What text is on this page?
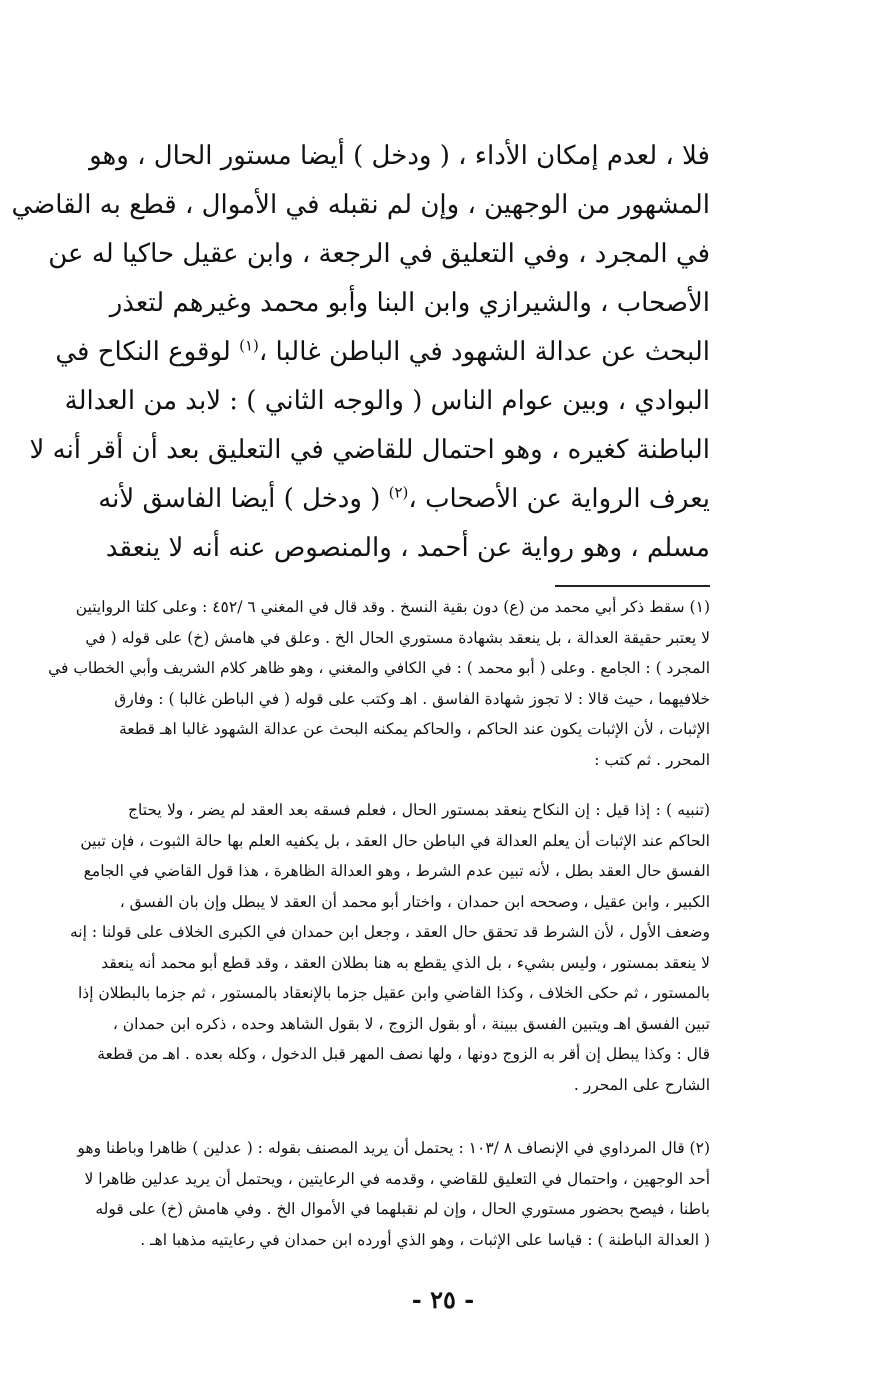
فلا ، لعدم إمكان الأداء ، ( ودخل ) أيضا مستور الحال ، وهو
المشهور من الوجهين ، وإن لم نقبله في الأموال ، قطع به القاضي
في المجرد ، وفي التعليق في الرجعة ، وابن عقيل حاكيا له عن
الأصحاب ، والشيرازي وابن البنا وأبو محمد وغيرهم لتعذر
البحث عن عدالة الشهود في الباطن غالبا ،$^{(١)}$ لوقوع النكاح في
البوادي ، وبين عوام الناس ( والوجه الثاني ) : لابد من العدالة
الباطنة كغيره ، وهو احتمال للقاضي في التعليق بعد أن أقر أنه لا
يعرف الرواية عن الأصحاب ،$^{(٢)}$ ( ودخل ) أيضا الفاسق لأنه
مسلم ، وهو رواية عن أحمد ، والمنصوص عنه أنه لا ينعقد
(١) سقط ذكر أبي محمد من (ع) دون بقية النسخ . وقد قال في المغني ٦ /٤٥٢ : وعلى كلتا الروايتين
لا يعتبر حقيقة العدالة ، بل ينعقد بشهادة مستوري الحال الخ . وعلق في هامش (خ) على قوله ( في
المجرد ) : الجامع . وعلى ( أبو محمد ) : في الكافي والمغني ، وهو ظاهر كلام الشريف وأبي الخطاب في
خلافيهما ، حيث قالا : لا تجوز شهادة الفاسق . اهـ وكتب على قوله ( في الباطن غالبا ) : وفارق
الإثبات ، لأن الإثبات يكون عند الحاكم ، والحاكم يمكنه البحث عن عدالة الشهود غالبا اهـ قطعة
المحرر . ثم كتب :
(تنبيه ) : إذا قيل : إن النكاح ينعقد بمستور الحال ، فعلم فسقه بعد العقد لم يضر ، ولا يحتاج
الحاكم عند الإثبات أن يعلم العدالة في الباطن حال العقد ، بل يكفيه العلم بها حالة الثبوت ، فإن تبين
الفسق حال العقد بطل ، لأنه تبين عدم الشرط ، وهو العدالة الظاهرة ، هذا قول القاضي في الجامع
الكبير ، وابن عقيل ، وصححه ابن حمدان ، واختار أبو محمد أن العقد لا يبطل وإن بان الفسق ،
وضعف الأول ، لأن الشرط قد تحقق حال العقد ، وجعل ابن حمدان في الكبرى الخلاف على قولنا : إنه
لا ينعقد بمستور ، وليس بشيء ، بل الذي يقطع به هنا بطلان العقد ، وقد قطع أبو محمد أنه ينعقد
بالمستور ، ثم حكى الخلاف ، وكذا القاضي وابن عقيل جزما بالإنعقاد بالمستور ، ثم جزما بالبطلان إذا
تبين الفسق اهـ ويتبين الفسق ببينة ، أو بقول الزوج ، لا بقول الشاهد وحده ، ذكره ابن حمدان ،
قال : وكذا يبطل إن أقر به الزوج دونها ، ولها نصف المهر قبل الدخول ، وكله بعده . اهـ من قطعة
الشارح على المحرر .
(٢) قال المرداوي في الإنصاف ٨ /١٠٣ : يحتمل أن يريد المصنف بقوله : ( عدلين ) ظاهرا وباطنا وهو
أحد الوجهين ، واحتمال في التعليق للقاضي ، وقدمه في الرعايتين ، ويحتمل أن يريد عدلين ظاهرا لا
باطنا ، فيصح بحضور مستوري الحال ، وإن لم نقبلهما في الأموال الخ . وفي هامش (خ) على قوله
( العدالة الباطنة ) : قياسا على الإثبات ، وهو الذي أورده ابن حمدان في رعايتيه مذهبا اهـ .
- ٢٥ -
